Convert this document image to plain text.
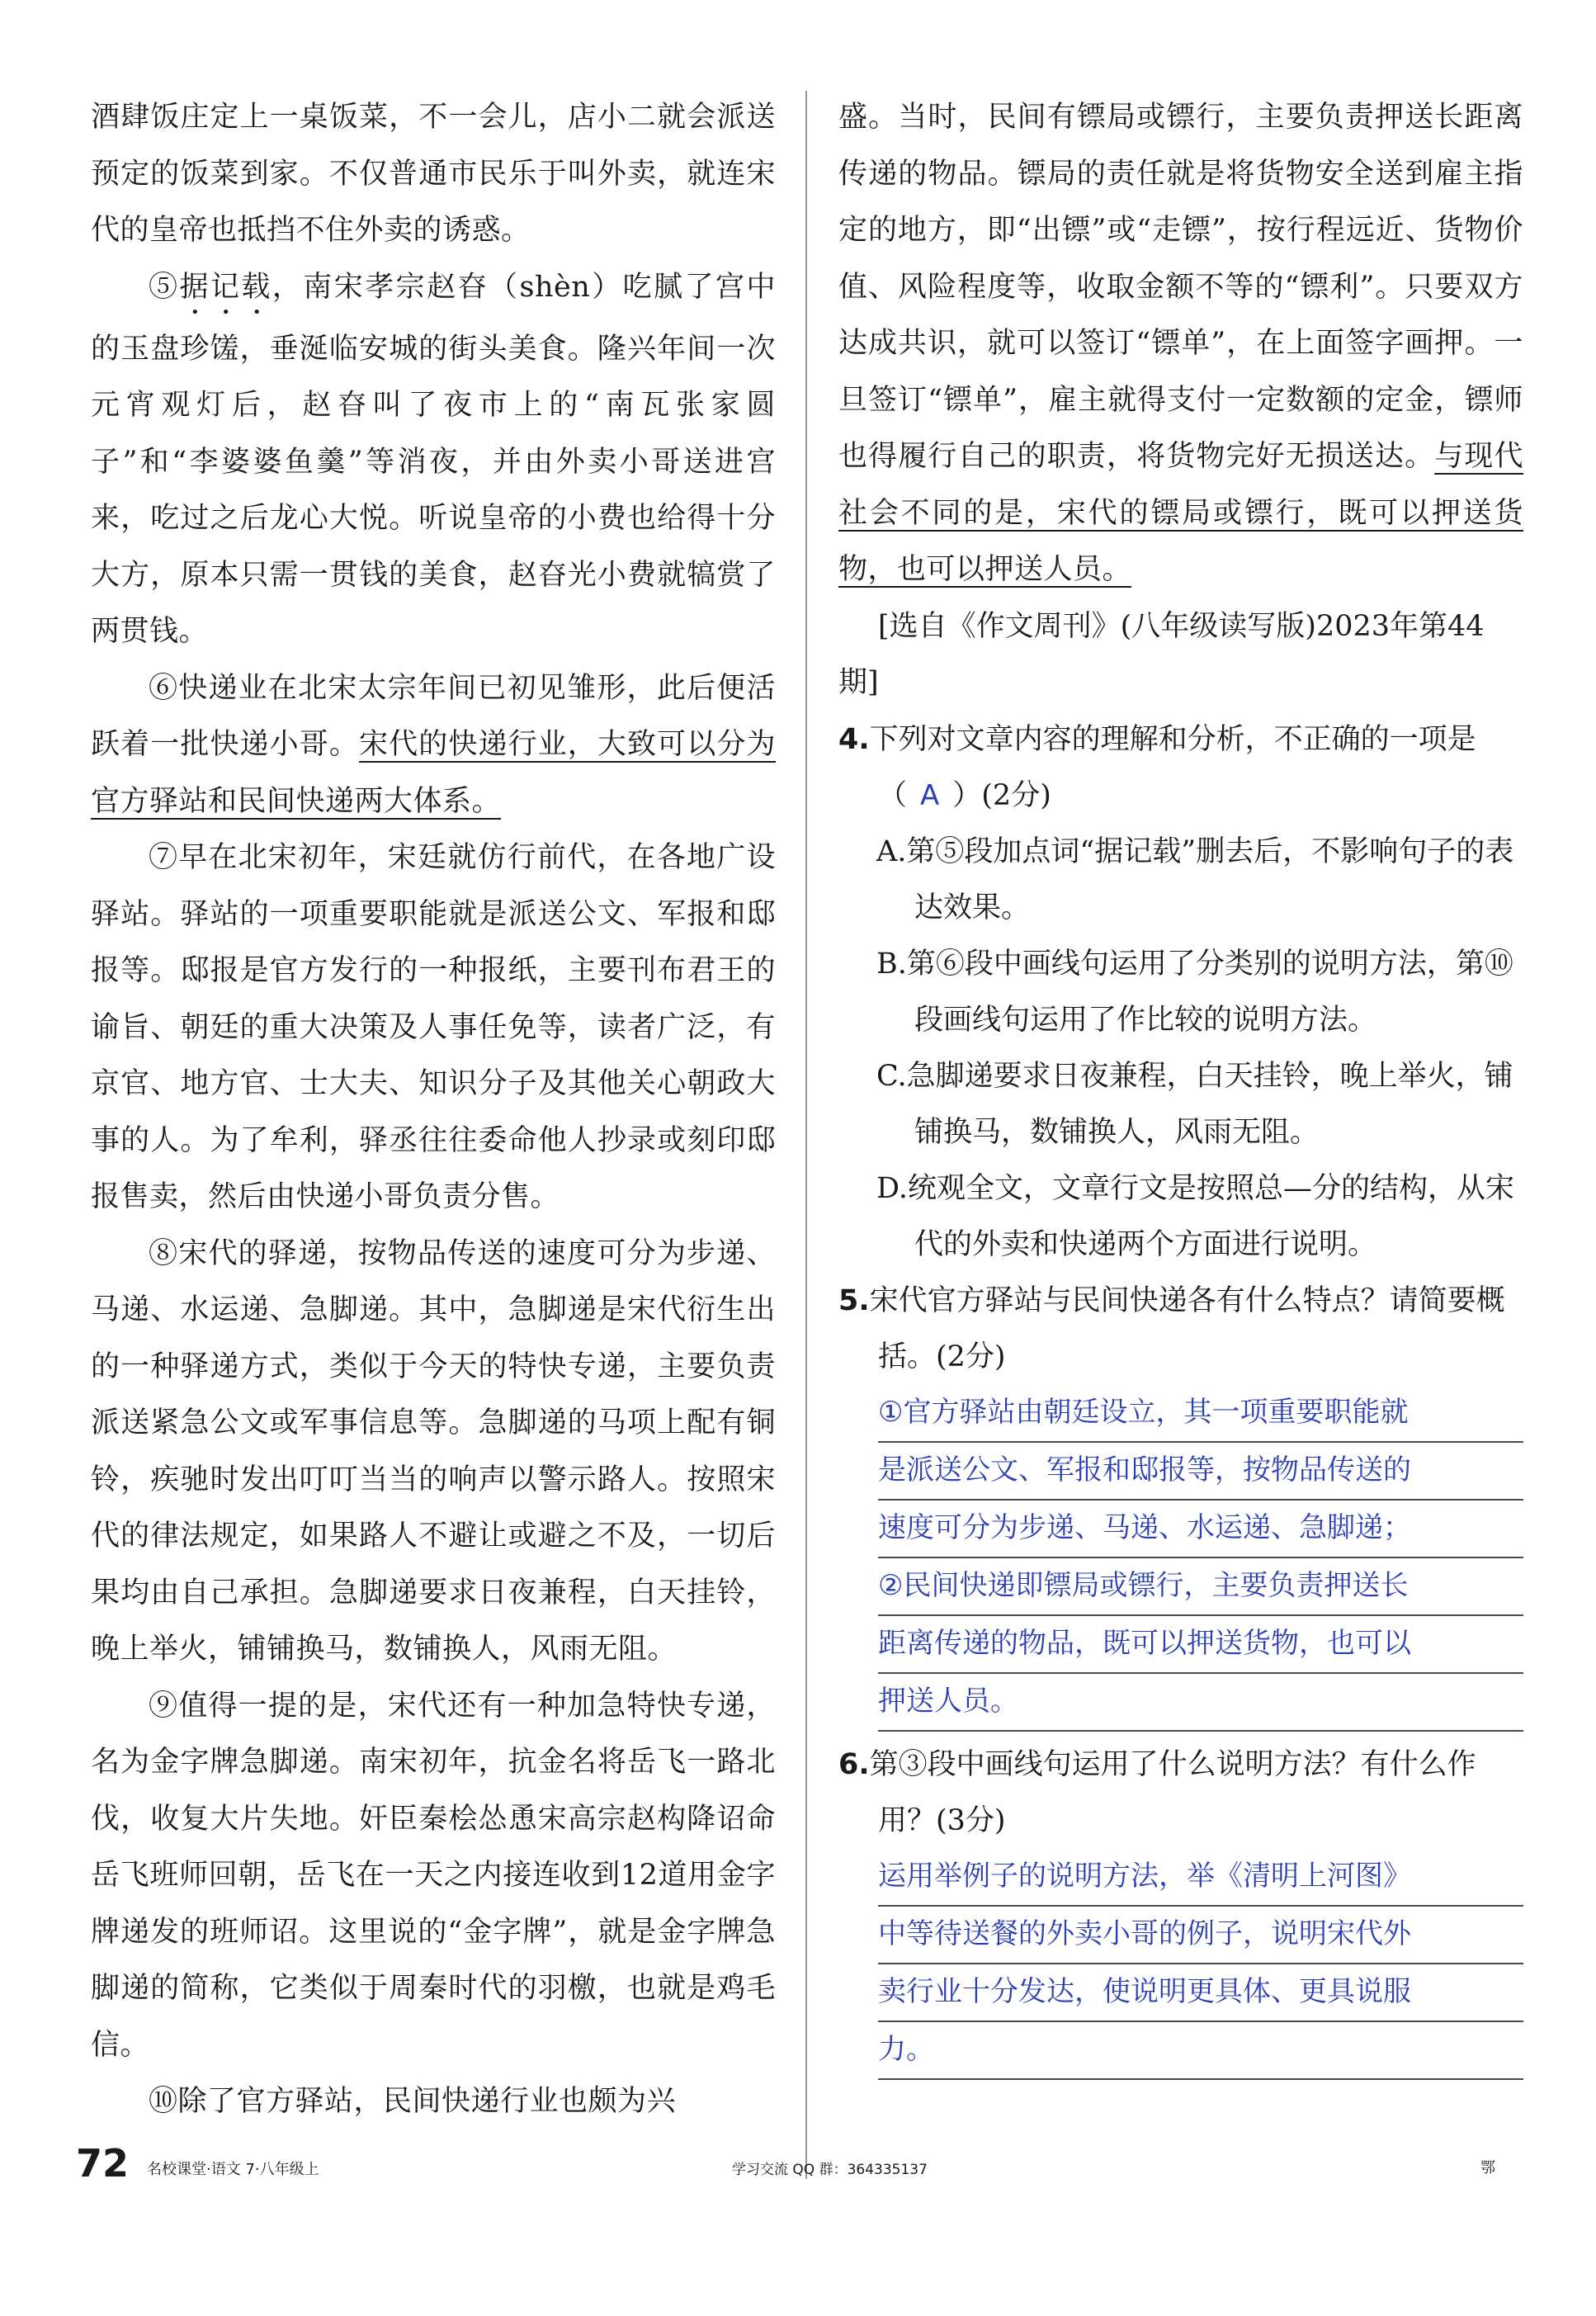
酒肆饭庄定上一桌饭菜，不一会儿，店小二就会派送预定的饭菜到家。不仅普通市民乐于叫外卖，就连宋代的皇帝也抵挡不住外卖的诱惑。

⑤据记载，南宋孝宗赵昚（shèn）吃腻了宫中的玉盘珍馐，垂涎临安城的街头美食。隆兴年间一次元宵观灯后，赵昚叫了夜市上的“南瓦张家圆子”和“李婆婆鱼羹”等消夜，并由外卖小哥送进宫来，吃过之后龙心大悦。听说皇帝的小费也给得十分大方，原本只需一贯钱的美食，赵昚光小费就犒赏了两贯钱。

⑥快递业在北宋太宗年间已初见雏形，此后便活跃着一批快递小哥。宋代的快递行业，大致可以分为官方驿站和民间快递两大体系。

⑦早在北宋初年，宋廷就仿行前代，在各地广设驿站。驿站的一项重要职能就是派送公文、军报和邸报等。邸报是官方发行的一种报纸，主要刊布君王的谕旨、朝廷的重大决策及人事任免等，读者广泛，有京官、地方官、士大夫、知识分子及其他关心朝政大事的人。为了牟利，驿丞往往委命他人抄录或刻印邸报售卖，然后由快递小哥负责分售。

⑧宋代的驿递，按物品传送的速度可分为步递、马递、水运递、急脚递。其中，急脚递是宋代衍生出的一种驿递方式，类似于今天的特快专递，主要负责派送紧急公文或军事信息等。急脚递的马项上配有铜铃，疾驰时发出叮叮当当的响声以警示路人。按照宋代的律法规定，如果路人不避让或避之不及，一切后果均由自己承担。急脚递要求日夜兼程，白天挂铃，晚上举火，铺铺换马，数铺换人，风雨无阻。

⑨值得一提的是，宋代还有一种加急特快专递，名为金字牌急脚递。南宋初年，抗金名将岳飞一路北伐，收复大片失地。奸臣秦桧怂恿宋高宗赵构降诏命岳飞班师回朝，岳飞在一天之内接连收到12道用金字牌递发的班师诏。这里说的“金字牌”，就是金字牌急脚递的简称，它类似于周秦时代的羽檄，也就是鸡毛信。

⑩除了官方驿站，民间快递行业也颇为兴

盛。当时，民间有镖局或镖行，主要负责押送长距离传递的物品。镖局的责任就是将货物安全送到雇主指定的地方，即“出镖”或“走镖”，按行程远近、货物价值、风险程度等，收取金额不等的“镖利”。只要双方达成共识，就可以签订“镖单”，在上面签字画押。一旦签订“镖单”，雇主就得支付一定数额的定金，镖师也得履行自己的职责，将货物完好无损送达。与现代社会不同的是，宋代的镖局或镖行，既可以押送货物，也可以押送人员。

[选自《作文周刊》(八年级读写版)2023年第44期]

4.下列对文章内容的理解和分析，不正确的一项是（ A ）(2分)

A.第⑤段加点词“据记载”删去后，不影响句子的表达效果。

B.第⑥段中画线句运用了分类别的说明方法，第⑩段画线句运用了作比较的说明方法。

C.急脚递要求日夜兼程，白天挂铃，晚上举火，铺铺换马，数铺换人，风雨无阻。

D.统观全文，文章行文是按照总—分的结构，从宋代的外卖和快递两个方面进行说明。

5.宋代官方驿站与民间快递各有什么特点？请简要概括。(2分)

①官方驿站由朝廷设立，其一项重要职能就
是派送公文、军报和邸报等，按物品传送的
速度可分为步递、马递、水运递、急脚递；
②民间快递即镖局或镖行，主要负责押送长
距离传递的物品，既可以押送货物，也可以
押送人员。

6.第③段中画线句运用了什么说明方法？有什么作用？(3分)

运用举例子的说明方法，举《清明上河图》
中等待送餐的外卖小哥的例子，说明宋代外
卖行业十分发达，使说明更具体、更具说服
力。
72 名校课堂·语文 7·八年级上	学习交流 QQ 群：364335137	鄂
